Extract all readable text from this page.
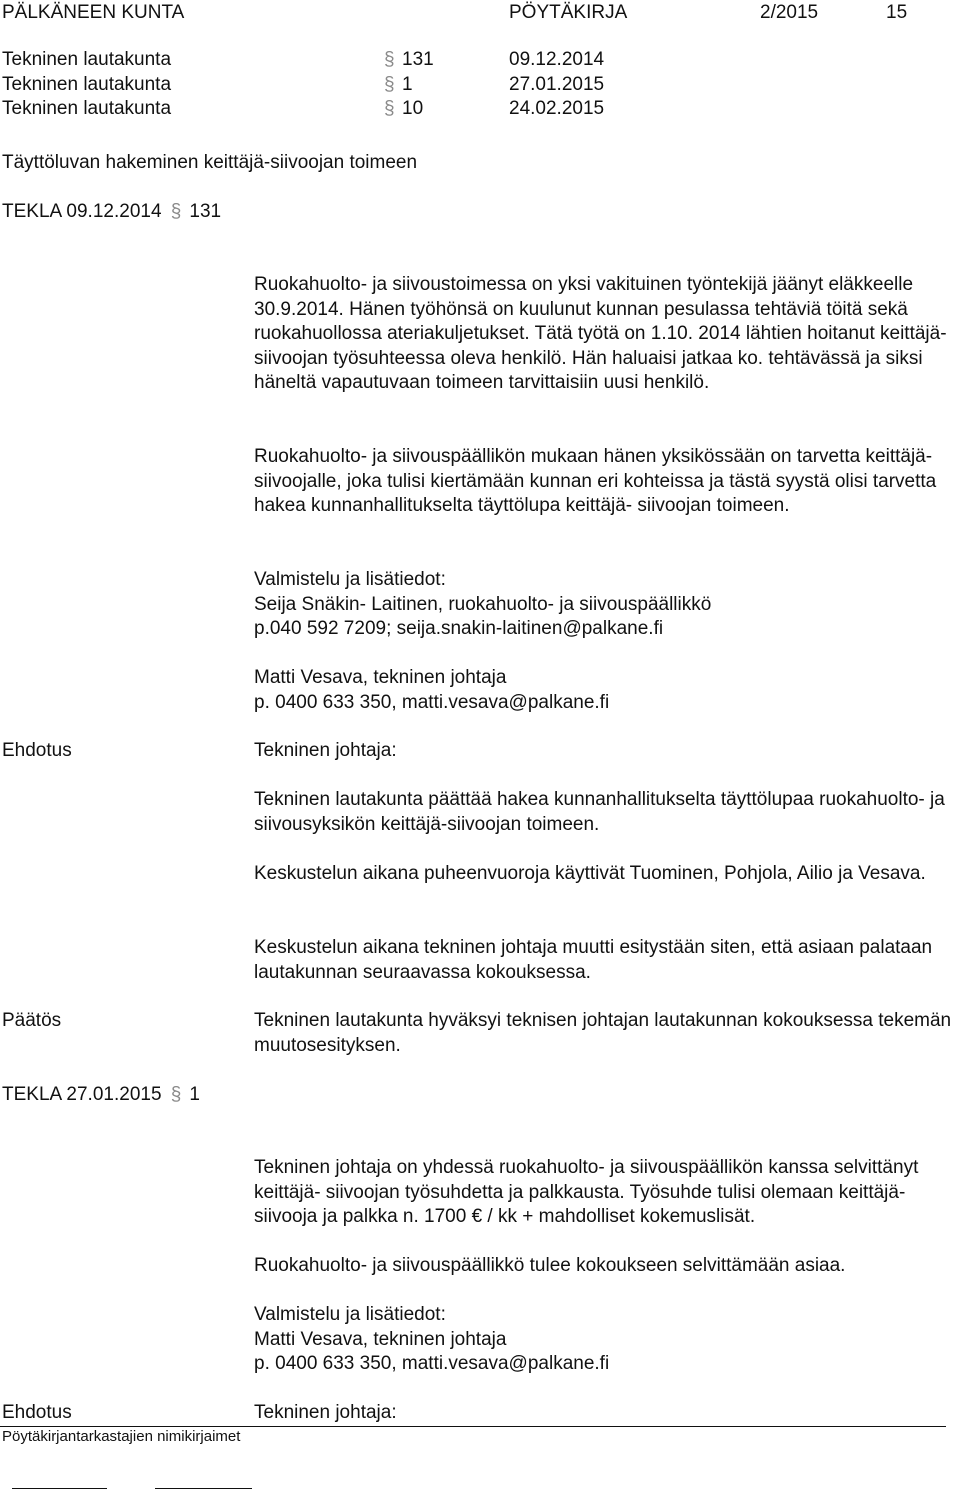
PÄLKÄNEEN KUNTA	PÖYTÄKIRJA	2/2015	15
Tekninen lautakunta	§ 131	09.12.2014
Tekninen lautakunta	§ 1	27.01.2015
Tekninen lautakunta	§ 10	24.02.2015
Täyttöluvan hakeminen keittäjä-siivoojan toimeen
TEKLA 09.12.2014 § 131
Ruokahuolto- ja siivoustoimessa on yksi vakituinen työntekijä jäänyt eläkkeelle 30.9.2014. Hänen työhönsä on kuulunut kunnan pesulassa tehtäviä töitä sekä ruokahuollossa ateriakuljetukset. Tätä työtä on 1.10. 2014 lähtien hoitanut keittäjä-siivoojan työsuhteessa oleva henkilö. Hän haluaisi jatkaa ko. tehtävässä ja siksi häneltä vapautuvaan toimeen tarvittaisiin uusi henkilö.
Ruokahuolto- ja siivouspäällikön mukaan hänen yksikössään on tarvetta keittäjä- siivoojalle, joka tulisi kiertämään kunnan eri kohteissa ja tästä syystä olisi tarvetta hakea kunnanhallitukselta täyttölupa keittäjä- siivoojan toimeen.
Valmistelu ja lisätiedot:
Seija Snäkin- Laitinen, ruokahuolto- ja siivouspäällikkö
p.040 592 7209; seija.snakin-laitinen@palkane.fi
Matti Vesava, tekninen johtaja
p. 0400 633 350, matti.vesava@palkane.fi
Ehdotus	Tekninen johtaja:
Tekninen lautakunta päättää hakea kunnanhallitukselta täyttölupaa ruokahuolto- ja siivousyksikön keittäjä-siivoojan toimeen.
Keskustelun aikana puheenvuoroja käyttivät Tuominen, Pohjola, Ailio ja Vesava.
Keskustelun aikana tekninen johtaja muutti esitystään siten, että asiaan palataan lautakunnan seuraavassa kokouksessa.
Päätös	Tekninen lautakunta hyväksyi teknisen johtajan lautakunnan kokouksessa tekemän muutosesityksen.
TEKLA 27.01.2015 § 1
Tekninen johtaja on yhdessä ruokahuolto- ja siivouspäällikön kanssa selvittänyt keittäjä- siivoojan työsuhdetta ja palkkausta. Työsuhde tulisi olemaan keittäjä- siivooja ja palkka n. 1700 € / kk + mahdolliset kokemuslisät.
Ruokahuolto- ja siivouspäällikkö tulee kokoukseen selvittämään asiaa.
Valmistelu ja lisätiedot:
Matti Vesava, tekninen johtaja
p. 0400 633 350, matti.vesava@palkane.fi
Ehdotus	Tekninen johtaja:
Pöytäkirjantarkastajien nimikirjaimet
